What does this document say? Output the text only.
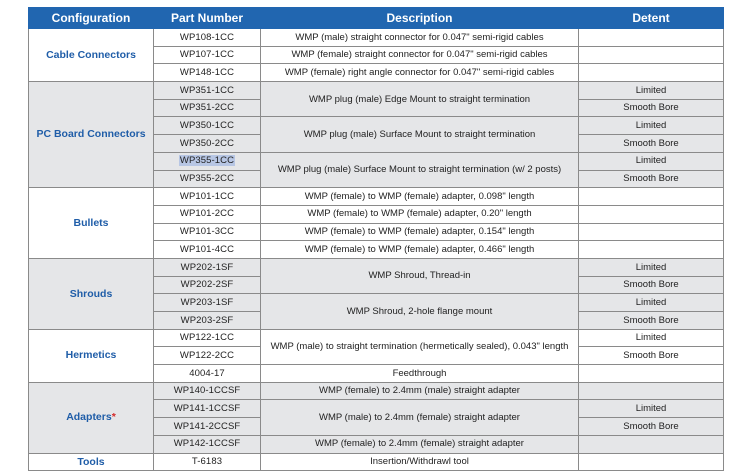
Configuration	Part Number	Description	Detent
Cable Connectors	WP108-1CC	WMP (male) straight connector for 0.047" semi-rigid cables	
	WP107-1CC	WMP (female) straight connector for 0.047" semi-rigid cables	
	WP148-1CC	WMP (female) right angle connector for 0.047" semi-rigid cables	
PC Board Connectors	WP351-1CC	WMP plug (male) Edge Mount to straight termination	Limited
	WP351-2CC		Smooth Bore
	WP350-1CC	WMP plug (male) Surface Mount to straight termination	Limited
	WP350-2CC		Smooth Bore
	WP355-1CC	WMP plug (male) Surface Mount to straight termination (w/ 2 posts)	Limited
	WP355-2CC		Smooth Bore
Bullets	WP101-1CC	WMP (female) to WMP (female) adapter, 0.098" length	
	WP101-2CC	WMP (female) to WMP (female) adapter, 0.20" length	
	WP101-3CC	WMP (female) to WMP (female) adapter, 0.154" length	
	WP101-4CC	WMP (female) to WMP (female) adapter, 0.466" length	
Shrouds	WP202-1SF	WMP Shroud, Thread-in	Limited
	WP202-2SF		Smooth Bore
	WP203-1SF	WMP Shroud, 2-hole flange mount	Limited
	WP203-2SF		Smooth Bore
Hermetics	WP122-1CC	WMP (male) to straight termination (hermetically sealed), 0.043" length	Limited
	WP122-2CC		Smooth Bore
	4004-17	Feedthrough	
Adapters*	WP140-1CCSF	WMP (female) to 2.4mm (male) straight adapter	
	WP141-1CCSF	WMP (male) to 2.4mm (female) straight adapter	Limited
	WP141-2CCSF		Smooth Bore
	WP142-1CCSF	WMP (female) to 2.4mm (female) straight adapter	
Tools	T-6183	Insertion/Withdrawl tool	
